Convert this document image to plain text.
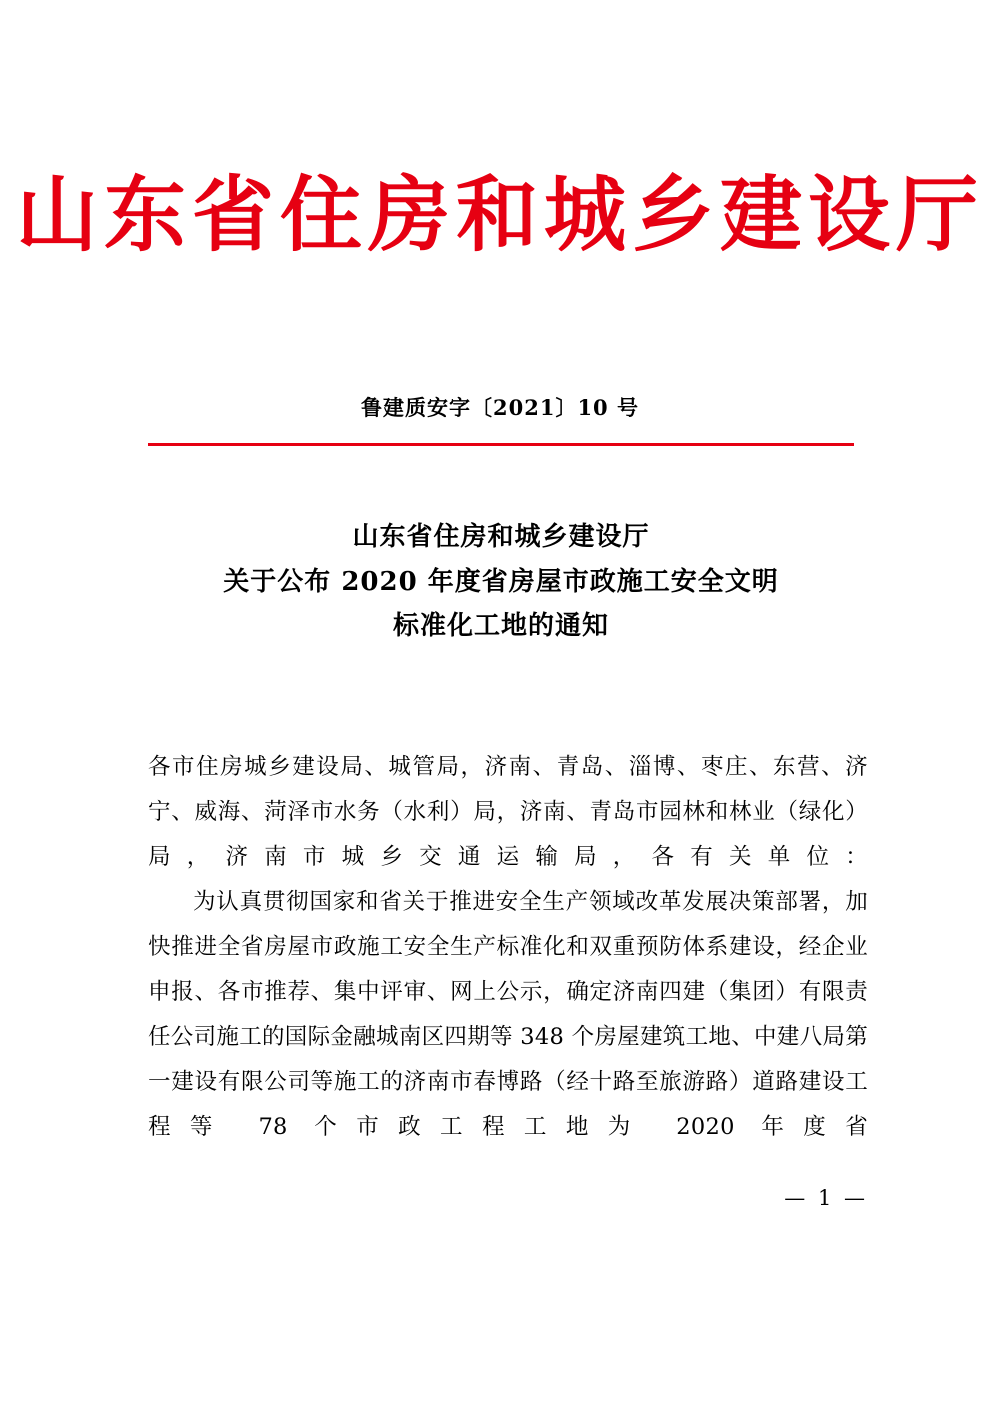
山东省住房和城乡建设厅
鲁建质安字〔2021〕10 号
山东省住房和城乡建设厅
关于公布 2020 年度省房屋市政施工安全文明
标准化工地的通知

各市住房城乡建设局、城管局，济南、青岛、淄博、枣庄、东营、济宁、威海、菏泽市水务（水利）局，济南、青岛市园林和林业（绿化）局，济南市城乡交通运输局，各有关单位：

为认真贯彻国家和省关于推进安全生产领域改革发展决策部署，加快推进全省房屋市政施工安全生产标准化和双重预防体系建设，经企业申报、各市推荐、集中评审、网上公示，确定济南四建（集团）有限责任公司施工的国际金融城南区四期等 348 个房屋建筑工地、中建八局第一建设有限公司等施工的济南市春博路（经十路至旅游路）道路建设工程等 78 个市政工程工地为 2020 年度省

— 1 —
